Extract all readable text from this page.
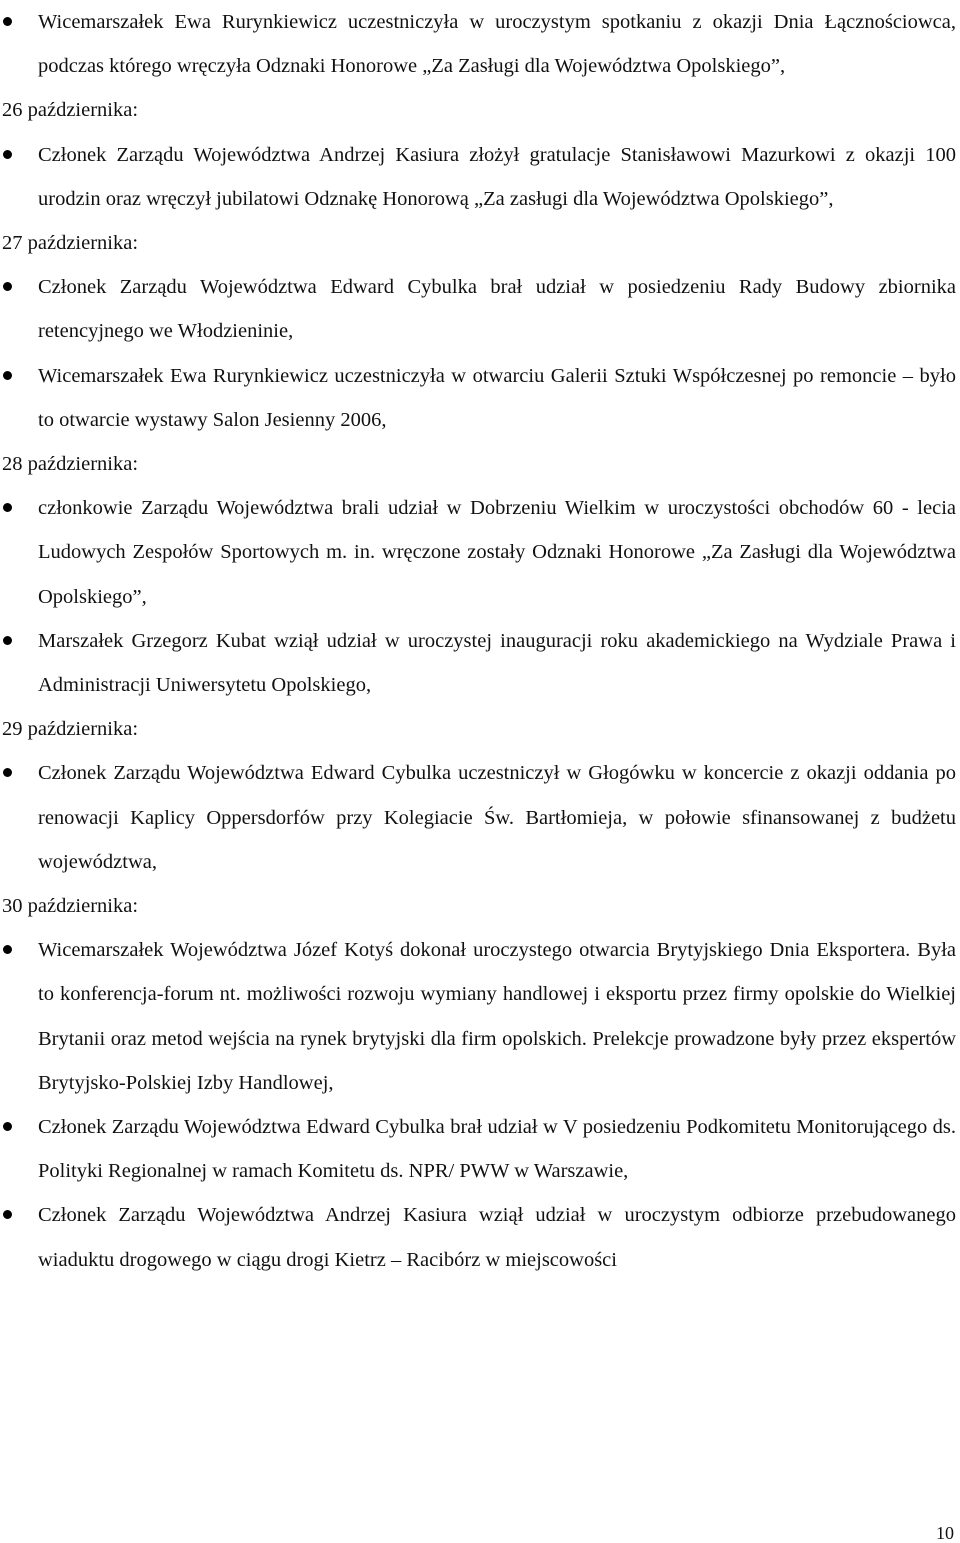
Wicemarszałek Ewa Rurynkiewicz uczestniczyła w uroczystym spotkaniu z okazji Dnia Łącznościowca, podczas którego wręczyła Odznaki Honorowe „Za Zasługi dla Województwa Opolskiego”,

26 października:

Członek Zarządu Województwa Andrzej Kasiura złożył gratulacje Stanisławowi Mazurkowi z okazji 100 urodzin oraz wręczył jubilatowi Odznakę Honorową „Za zasługi dla Województwa Opolskiego”,

27 października:

Członek Zarządu Województwa Edward Cybulka brał udział w posiedzeniu Rady Budowy zbiornika retencyjnego we Włodzieninie,
Wicemarszałek Ewa Rurynkiewicz uczestniczyła w otwarciu Galerii Sztuki Współczesnej po remoncie – było to otwarcie wystawy Salon Jesienny 2006,

28 października:

członkowie Zarządu Województwa brali udział w Dobrzeniu Wielkim w uroczystości obchodów 60 - lecia Ludowych Zespołów Sportowych m. in. wręczone zostały Odznaki Honorowe „Za Zasługi dla Województwa Opolskiego”,
Marszałek Grzegorz Kubat wziął udział w uroczystej inauguracji roku akademickiego na Wydziale Prawa i Administracji Uniwersytetu Opolskiego,

29 października:

Członek Zarządu Województwa Edward Cybulka uczestniczył w Głogówku w koncercie z okazji oddania po renowacji Kaplicy Oppersdorfów przy Kolegiacie Św. Bartłomieja, w połowie sfinansowanej z budżetu województwa,

30 października:

Wicemarszałek Województwa Józef Kotyś dokonał uroczystego otwarcia Brytyjskiego Dnia Eksportera. Była to konferencja-forum nt. możliwości rozwoju wymiany handlowej i eksportu przez firmy opolskie do Wielkiej Brytanii oraz metod wejścia na rynek brytyjski dla firm opolskich. Prelekcje prowadzone były przez ekspertów Brytyjsko-Polskiej Izby Handlowej,
Członek Zarządu Województwa Edward Cybulka brał udział w V posiedzeniu Podkomitetu Monitorującego ds. Polityki Regionalnej w ramach Komitetu ds. NPR/ PWW w Warszawie,
Członek Zarządu Województwa Andrzej Kasiura wziął udział w uroczystym odbiorze przebudowanego wiaduktu drogowego w ciągu drogi Kietrz – Racibórz w miejscowości
10
